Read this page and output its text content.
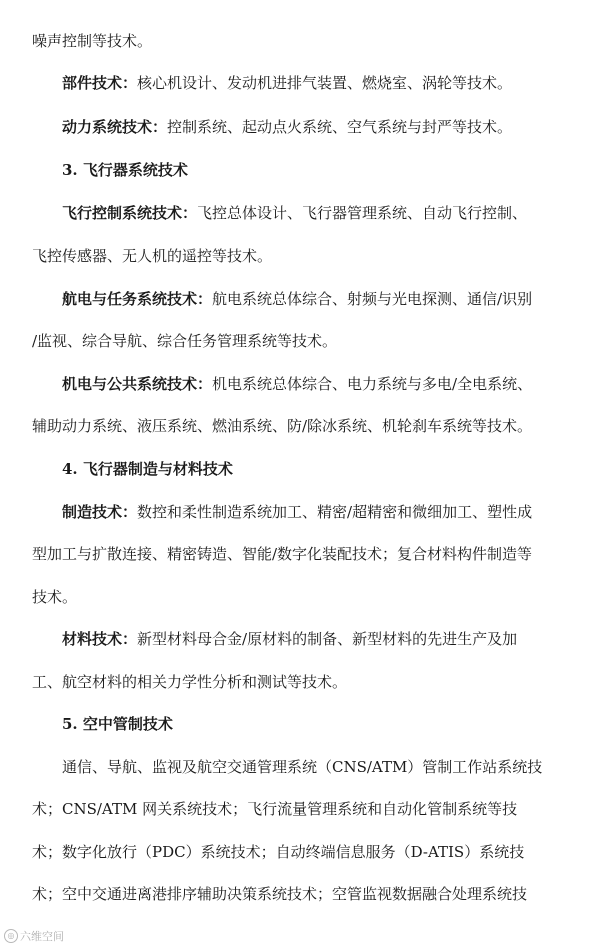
噪声控制等技术。
部件技术：核心机设计、发动机进排气装置、燃烧室、涡轮等技术。
动力系统技术：控制系统、起动点火系统、空气系统与封严等技术。
3. 飞行器系统技术
飞行控制系统技术：飞控总体设计、飞行器管理系统、自动飞行控制、
飞控传感器、无人机的遥控等技术。
航电与任务系统技术：航电系统总体综合、射频与光电探测、通信/识别
/监视、综合导航、综合任务管理系统等技术。
机电与公共系统技术：机电系统总体综合、电力系统与多电/全电系统、
辅助动力系统、液压系统、燃油系统、防/除冰系统、机轮刹车系统等技术。
4. 飞行器制造与材料技术
制造技术：数控和柔性制造系统加工、精密/超精密和微细加工、塑性成
型加工与扩散连接、精密铸造、智能/数字化装配技术；复合材料构件制造等
技术。
材料技术：新型材料母合金/原材料的制备、新型材料的先进生产及加
工、航空材料的相关力学性分析和测试等技术。
5. 空中管制技术
通信、导航、监视及航空交通管理系统（CNS/ATM）管制工作站系统技
术；CNS/ATM 网关系统技术；飞行流量管理系统和自动化管制系统等技
术；数字化放行（PDC）系统技术；自动终端信息服务（D-ATIS）系统技
术；空中交通进离港排序辅助决策系统技术；空管监视数据融合处理系统技
◎ 六维空间
